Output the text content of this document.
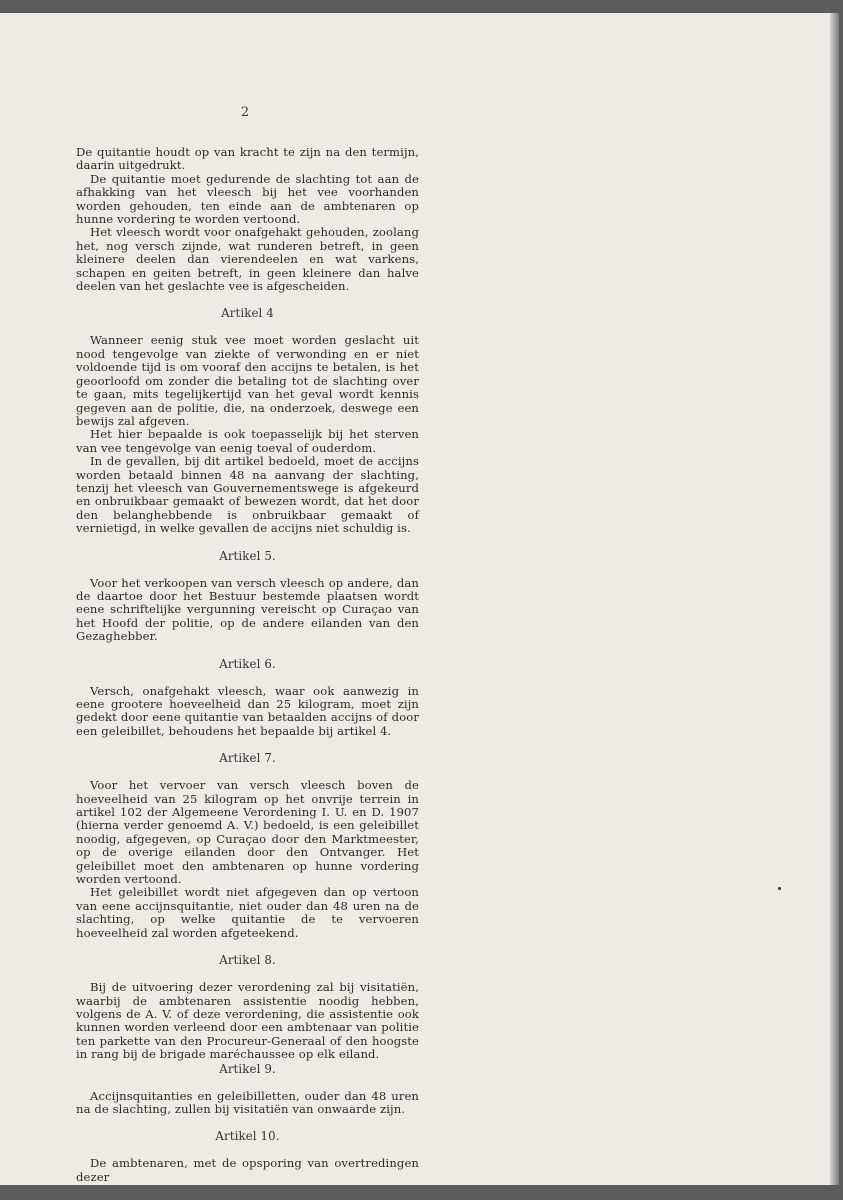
2

De quitantie houdt op van kracht te zijn na den termijn, daarin uitgedrukt.

De quitantie moet gedurende de slachting tot aan de afhakking van het vleesch bij het vee voorhanden worden gehouden, ten einde aan de ambtenaren op hunne vordering te worden vertoond.

Het vleesch wordt voor onafgehakt gehouden, zoolang het, nog versch zijnde, wat runderen betreft, in geen kleinere deelen dan vierendeelen en wat varkens, schapen en geiten betreft, in geen kleinere dan halve deelen van het geslachte vee is afgescheiden.

Artikel 4

Wanneer eenig stuk vee moet worden geslacht uit nood tengevolge van ziekte of verwonding en er niet voldoende tijd is om vooraf den accijns te betalen, is het geoorloofd om zonder die betaling tot de slachting over te gaan, mits tegelijkertijd van het geval wordt kennis gegeven aan de politie, die, na onderzoek, deswege een bewijs zal afgeven.

Het hier bepaalde is ook toepasselijk bij het sterven van vee tengevolge van eenig toeval of ouderdom.

In de gevallen, bij dit artikel bedoeld, moet de accijns worden betaald binnen 48 na aanvang der slachting, tenzij het vleesch van Gouvernementswege is afgekeurd en onbruikbaar gemaakt of bewezen wordt, dat het door den belanghebbende is onbruikbaar gemaakt of vernietigd, in welke gevallen de accijns niet schuldig is.

Artikel 5.

Voor het verkoopen van versch vleesch op andere, dan de daartoe door het Bestuur bestemde plaatsen wordt eene schriftelijke vergunning vereischt op Curaçao van het Hoofd der politie, op de andere eilanden van den Gezaghebber.

Artikel 6.

Versch, onafgehakt vleesch, waar ook aanwezig in eene grootere hoeveelheid dan 25 kilogram, moet zijn gedekt door eene quitantie van betaalden accijns of door een geleibillet, behoudens het bepaalde bij artikel 4.

Artikel 7.

Voor het vervoer van versch vleesch boven de hoeveelheid van 25 kilogram op het onvrije terrein in artikel 102 der Algemeene Verordening I. U. en D. 1907 (hierna verder genoemd A. V.) bedoeld, is een geleibillet noodig, afgegeven, op Curaçao door den Marktmeester, op de overige eilanden door den Ontvanger. Het geleibillet moet den ambtenaren op hunne vordering worden vertoond.

Het geleibillet wordt niet afgegeven dan op vertoon van eene accijnsquitantie, niet ouder dan 48 uren na de slachting, op welke quitantie de te vervoeren hoeveelheid zal worden afgeteekend.

Artikel 8.

Bij de uitvoering dezer verordening zal bij visitatiën, waarbij de ambtenaren assistentie noodig hebben, volgens de A. V. of deze verordening, die assistentie ook kunnen worden verleend door een ambtenaar van politie ten parkette van den Procureur-Generaal of den hoogste in rang bij de brigade maréchaussee op elk eiland.

Artikel 9.

Accijnsquitanties en geleibilletten, ouder dan 48 uren na de slachting, zullen bij visitatiën van onwaarde zijn.

Artikel 10.

De ambtenaren, met de opsporing van overtredingen dezer
